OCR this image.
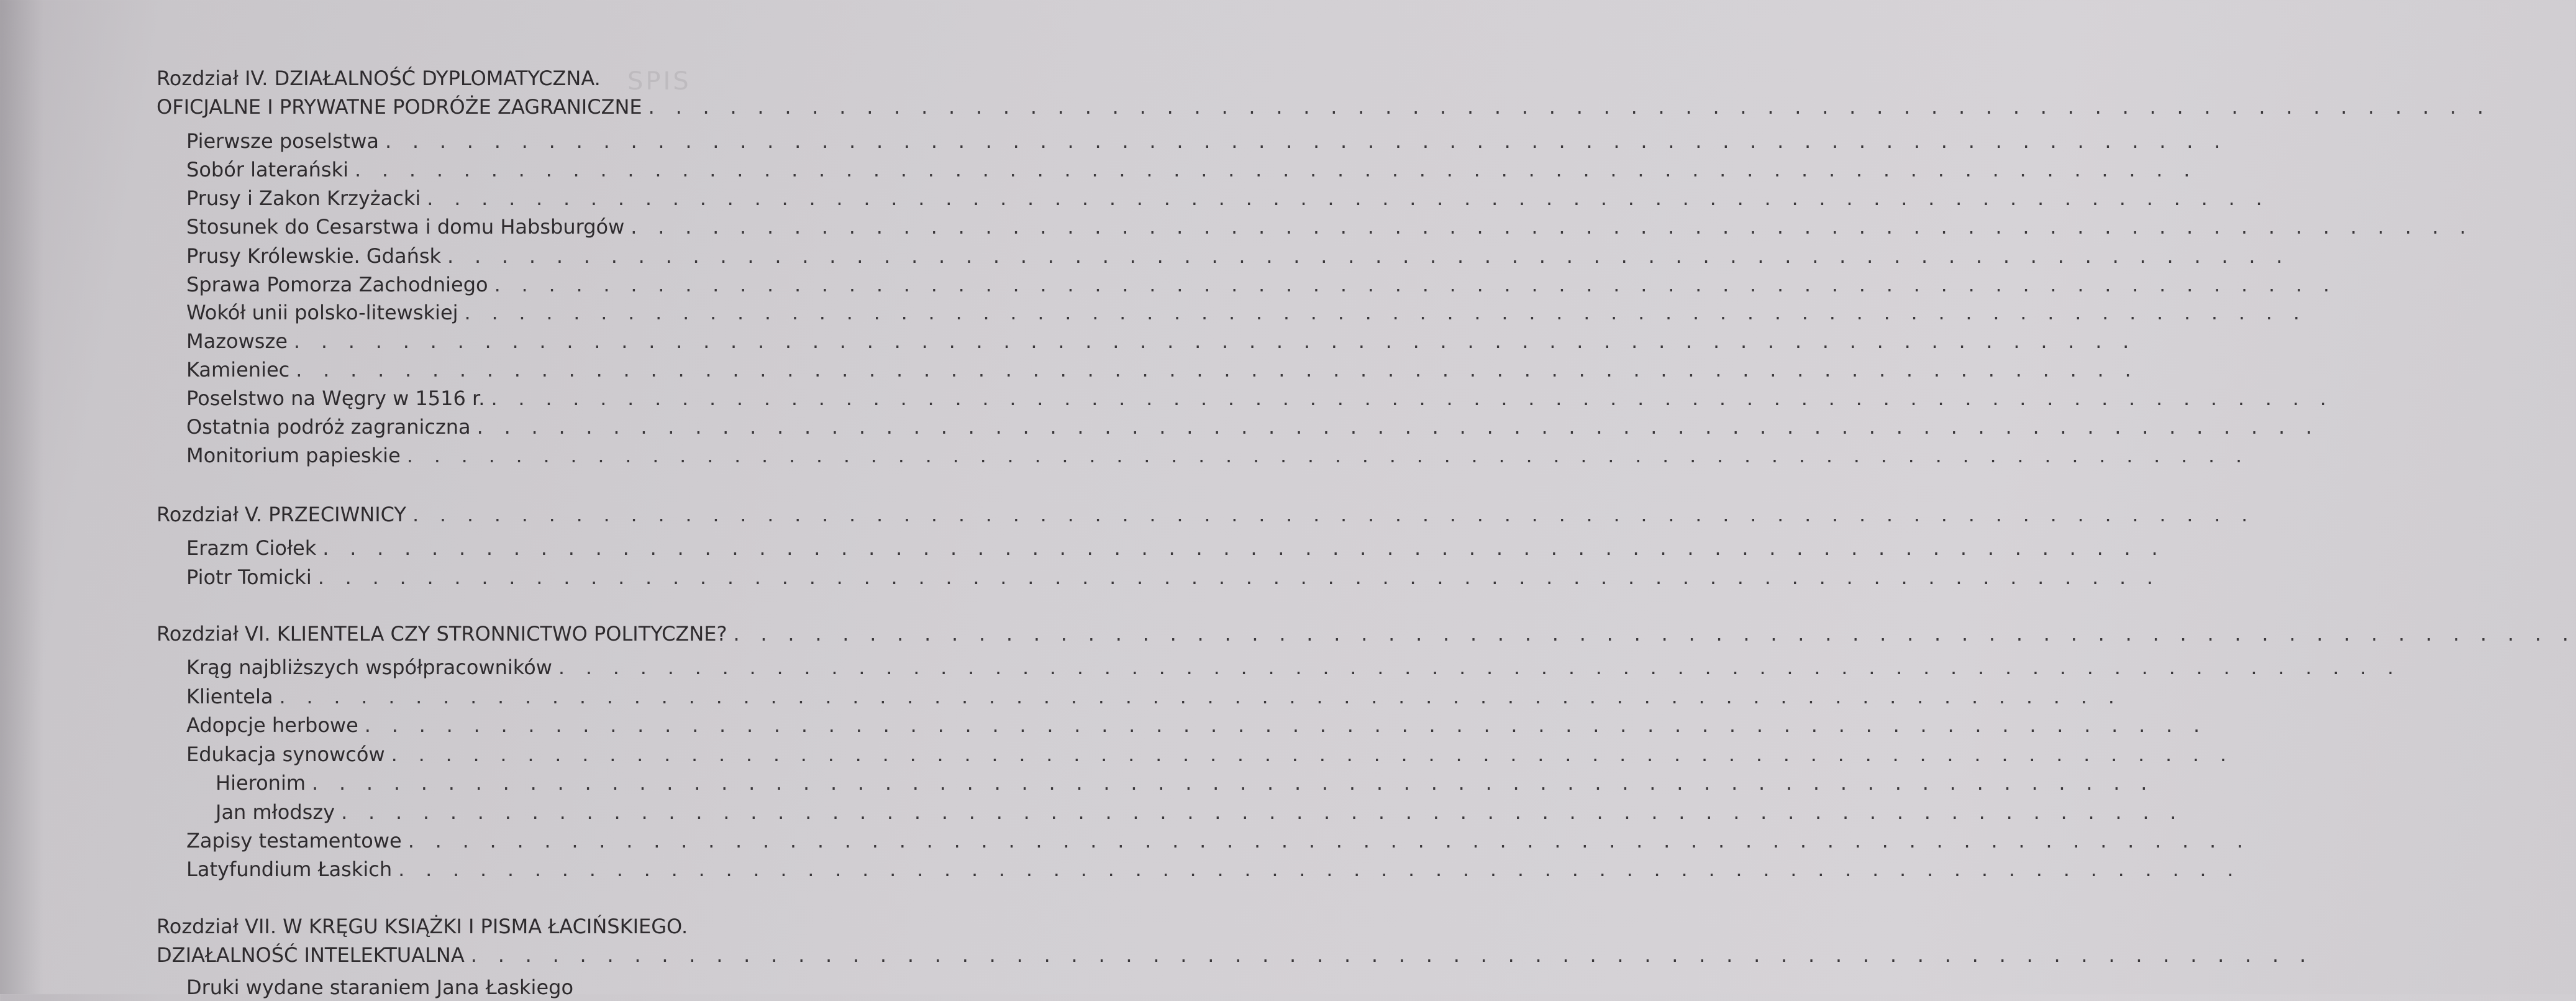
SPIS
Rozdział IV. DZIAŁALNOŚĆ DYPLOMATYCZNA.
OFICJALNE I PRYWATNE PODRÓŻE ZAGRANICZNE . . . . . . . . . . . . . . . . . . . . . . . . . . . . . . . . . . . . . . . . . . . . . . . . . . . . . . . . . . . . . . . . . . . .
Pierwsze poselstwa . . . . . . . . . . . . . . . . . . . . . . . . . . . . . . . . . . . . . . . . . . . . . . . . . . . . . . . . . . . . . . . . . . . .
Sobór laterański . . . . . . . . . . . . . . . . . . . . . . . . . . . . . . . . . . . . . . . . . . . . . . . . . . . . . . . . . . . . . . . . . . . .
Prusy i Zakon Krzyżacki . . . . . . . . . . . . . . . . . . . . . . . . . . . . . . . . . . . . . . . . . . . . . . . . . . . . . . . . . . . . . . . . . . . .
Stosunek do Cesarstwa i domu Habsburgów . . . . . . . . . . . . . . . . . . . . . . . . . . . . . . . . . . . . . . . . . . . . . . . . . . . . . . . . . . . . . . . . . . . .
Prusy Królewskie. Gdańsk . . . . . . . . . . . . . . . . . . . . . . . . . . . . . . . . . . . . . . . . . . . . . . . . . . . . . . . . . . . . . . . . . . . .
Sprawa Pomorza Zachodniego . . . . . . . . . . . . . . . . . . . . . . . . . . . . . . . . . . . . . . . . . . . . . . . . . . . . . . . . . . . . . . . . . . . .
Wokół unii polsko-litewskiej . . . . . . . . . . . . . . . . . . . . . . . . . . . . . . . . . . . . . . . . . . . . . . . . . . . . . . . . . . . . . . . . . . . .
Mazowsze . . . . . . . . . . . . . . . . . . . . . . . . . . . . . . . . . . . . . . . . . . . . . . . . . . . . . . . . . . . . . . . . . . . .
Kamieniec . . . . . . . . . . . . . . . . . . . . . . . . . . . . . . . . . . . . . . . . . . . . . . . . . . . . . . . . . . . . . . . . . . . .
Poselstwo na Węgry w 1516 r. . . . . . . . . . . . . . . . . . . . . . . . . . . . . . . . . . . . . . . . . . . . . . . . . . . . . . . . . . . . . . . . . . . . .
Ostatnia podróż zagraniczna . . . . . . . . . . . . . . . . . . . . . . . . . . . . . . . . . . . . . . . . . . . . . . . . . . . . . . . . . . . . . . . . . . . .
Monitorium papieskie . . . . . . . . . . . . . . . . . . . . . . . . . . . . . . . . . . . . . . . . . . . . . . . . . . . . . . . . . . . . . . . . . . . .
Rozdział V. PRZECIWNICY . . . . . . . . . . . . . . . . . . . . . . . . . . . . . . . . . . . . . . . . . . . . . . . . . . . . . . . . . . . . . . . . . . . .
Erazm Ciołek . . . . . . . . . . . . . . . . . . . . . . . . . . . . . . . . . . . . . . . . . . . . . . . . . . . . . . . . . . . . . . . . . . . .
Piotr Tomicki . . . . . . . . . . . . . . . . . . . . . . . . . . . . . . . . . . . . . . . . . . . . . . . . . . . . . . . . . . . . . . . . . . . .
Rozdział VI. KLIENTELA CZY STRONNICTWO POLITYCZNE? . . . . . . . . . . . . . . . . . . . . . . . . . . . . . . . . . . . . . . . . . . . . . . . . . . . . . . . . . . . . . . . . . . . .
Krąg najbliższych współpracowników . . . . . . . . . . . . . . . . . . . . . . . . . . . . . . . . . . . . . . . . . . . . . . . . . . . . . . . . . . . . . . . . . . . .
Klientela . . . . . . . . . . . . . . . . . . . . . . . . . . . . . . . . . . . . . . . . . . . . . . . . . . . . . . . . . . . . . . . . . . . .
Adopcje herbowe . . . . . . . . . . . . . . . . . . . . . . . . . . . . . . . . . . . . . . . . . . . . . . . . . . . . . . . . . . . . . . . . . . . .
Edukacja synowców . . . . . . . . . . . . . . . . . . . . . . . . . . . . . . . . . . . . . . . . . . . . . . . . . . . . . . . . . . . . . . . . . . . .
Hieronim . . . . . . . . . . . . . . . . . . . . . . . . . . . . . . . . . . . . . . . . . . . . . . . . . . . . . . . . . . . . . . . . . . . .
Jan młodszy . . . . . . . . . . . . . . . . . . . . . . . . . . . . . . . . . . . . . . . . . . . . . . . . . . . . . . . . . . . . . . . . . . . .
Zapisy testamentowe . . . . . . . . . . . . . . . . . . . . . . . . . . . . . . . . . . . . . . . . . . . . . . . . . . . . . . . . . . . . . . . . . . . .
Latyfundium Łaskich . . . . . . . . . . . . . . . . . . . . . . . . . . . . . . . . . . . . . . . . . . . . . . . . . . . . . . . . . . . . . . . . . . . .
Rozdział VII. W KRĘGU KSIĄŻKI I PISMA ŁACIŃSKIEGO.
DZIAŁALNOŚĆ INTELEKTUALNA . . . . . . . . . . . . . . . . . . . . . . . . . . . . . . . . . . . . . . . . . . . . . . . . . . . . . . . . . . . . . . . . . . . .
Druki wydane staraniem Jana Łaskiego
